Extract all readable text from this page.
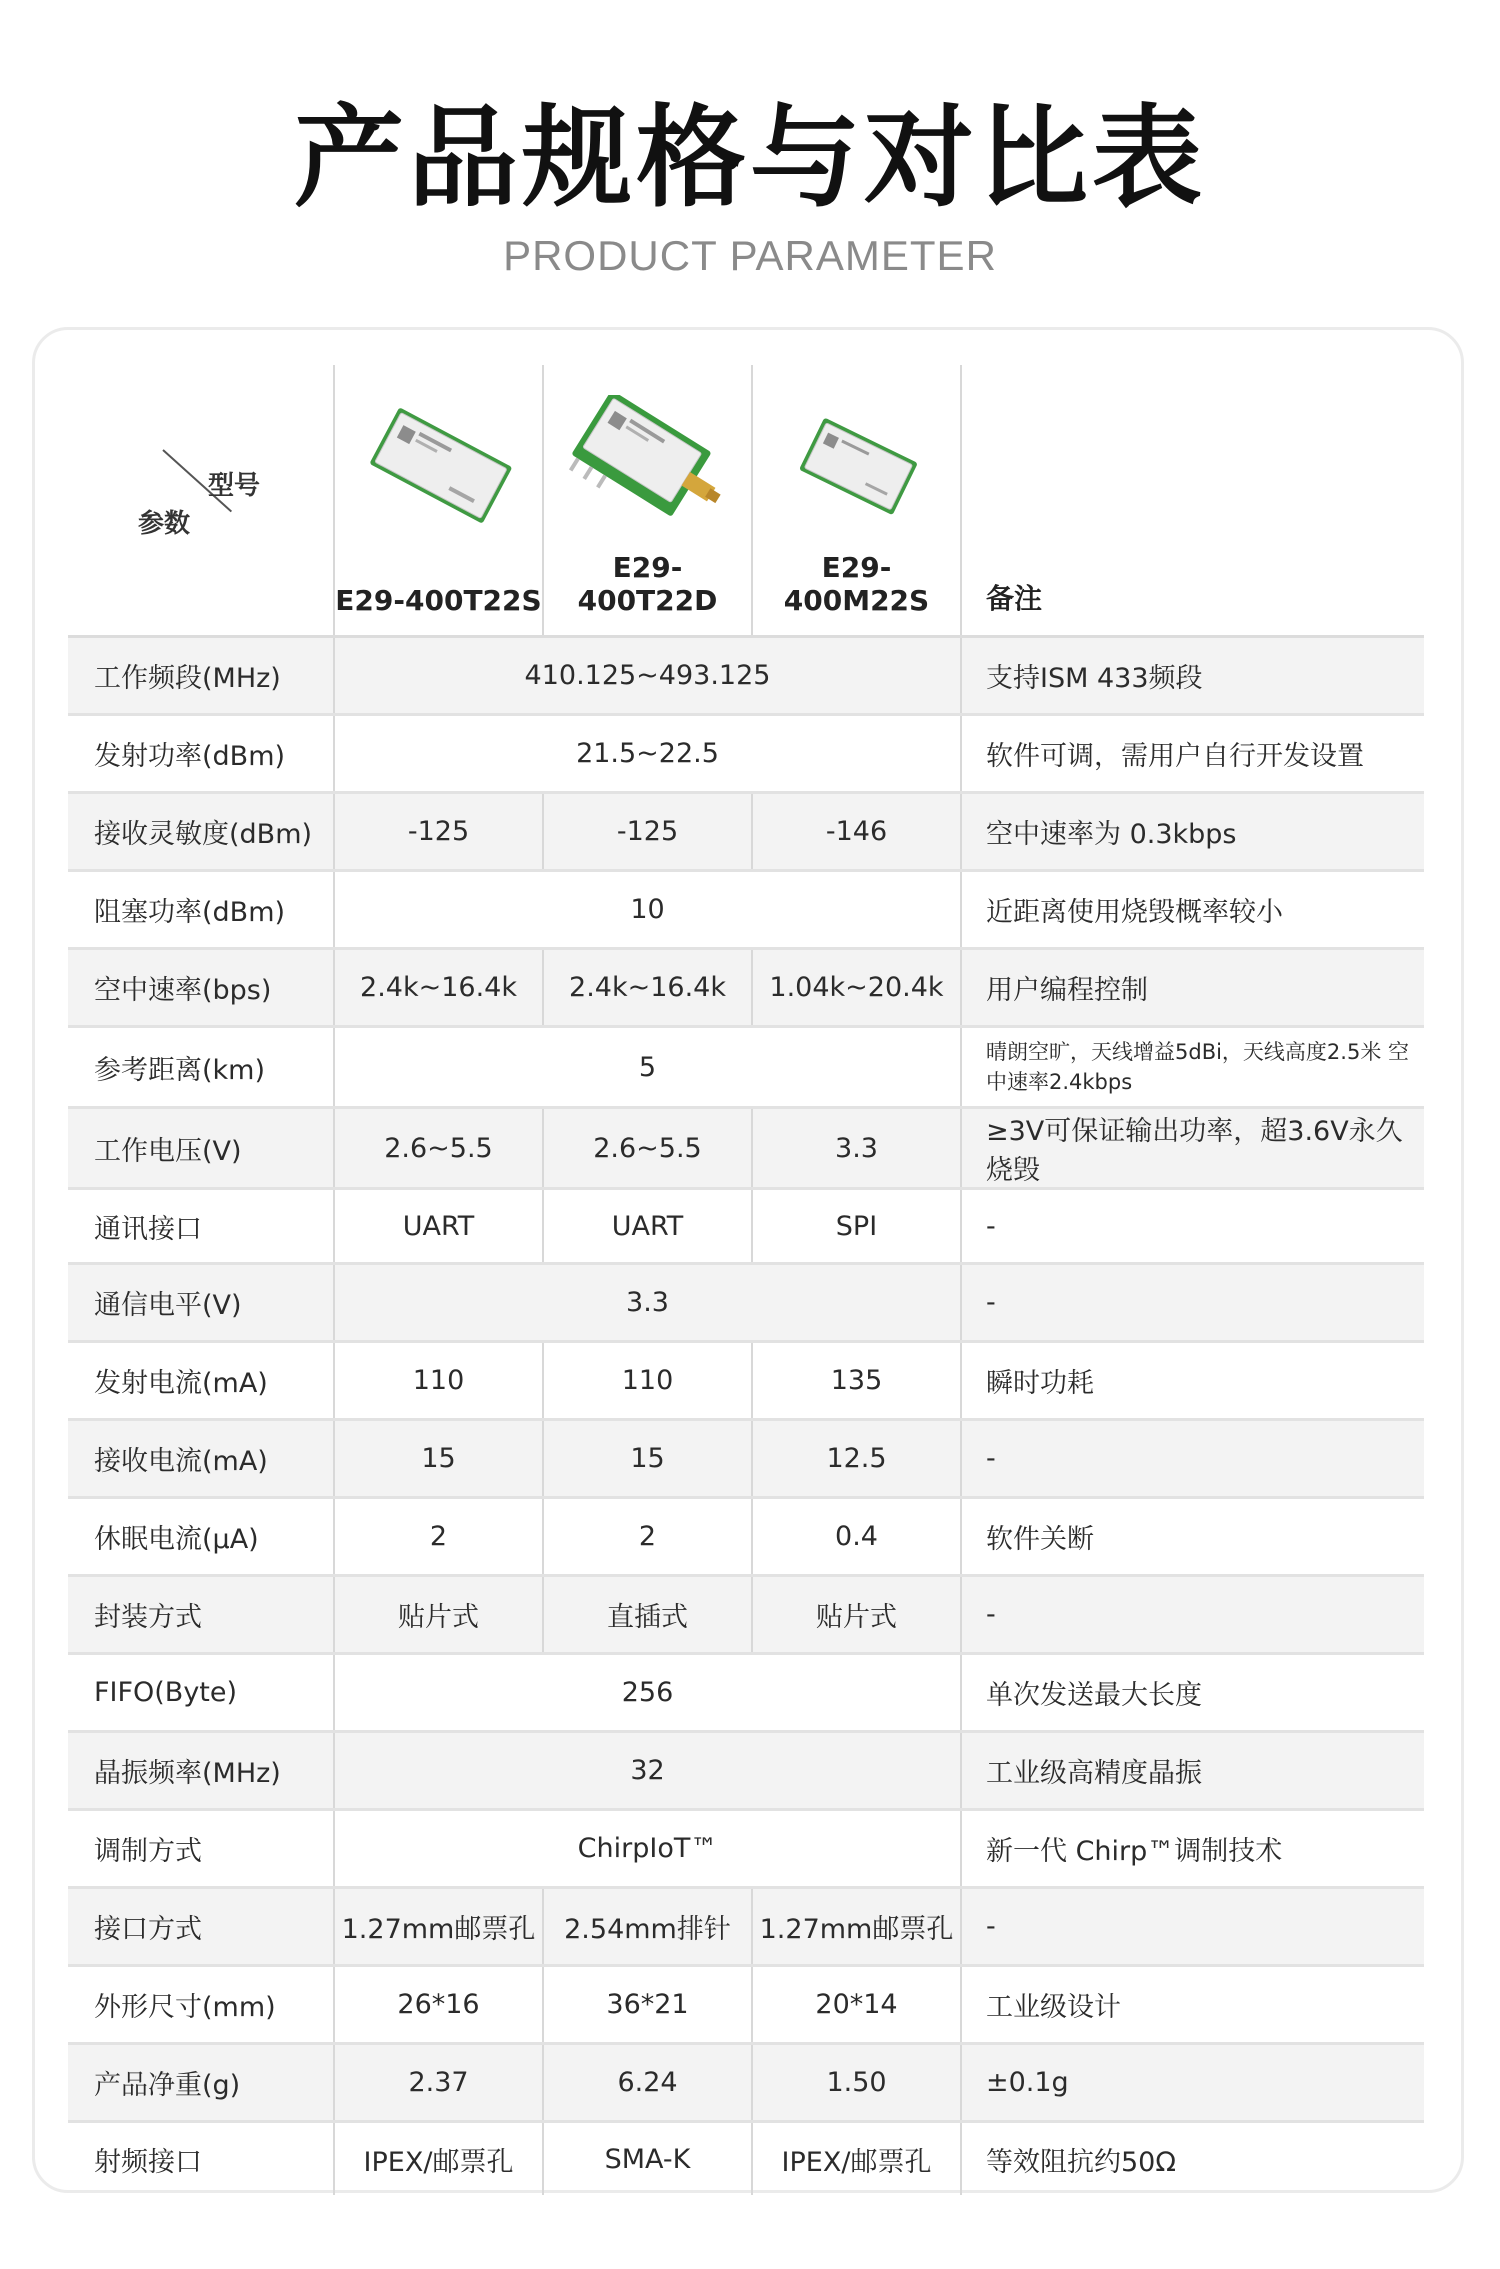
产品规格与对比表
PRODUCT PARAMETER
型号
参数	E29-400T22S	E29-400T22D	E29-400M22S	备注

工作频段(MHz)	410.125~493.125			支持ISM 433频段
发射功率(dBm)	21.5~22.5			软件可调，需用户自行开发设置
接收灵敏度(dBm)	-125	-125	-146	空中速率为 0.3kbps
阻塞功率(dBm)	10			近距离使用烧毁概率较小
空中速率(bps)	2.4k~16.4k	2.4k~16.4k	1.04k~20.4k	用户编程控制
参考距离(km)	5			晴朗空旷，天线增益5dBi，天线高度2.5米 空中速率2.4kbps
工作电压(V)	2.6~5.5	2.6~5.5	3.3	≥3V可保证输出功率，超3.6V永久烧毁
通讯接口	UART	UART	SPI	-
通信电平(V)	3.3			-
发射电流(mA)	110	110	135	瞬时功耗
接收电流(mA)	15	15	12.5	-
休眠电流(μA)	2	2	0.4	软件关断
封装方式	贴片式	直插式	贴片式	-
FIFO(Byte)	256			单次发送最大长度
晶振频率(MHz)	32			工业级高精度晶振
调制方式	ChirpIoT™			新一代 Chirp™调制技术
接口方式	1.27mm邮票孔	2.54mm排针	1.27mm邮票孔	-
外形尺寸(mm)	26*16	36*21	20*14	工业级设计
产品净重(g)	2.37	6.24	1.50	±0.1g
射频接口	IPEX/邮票孔	SMA-K	IPEX/邮票孔	等效阻抗约50Ω
